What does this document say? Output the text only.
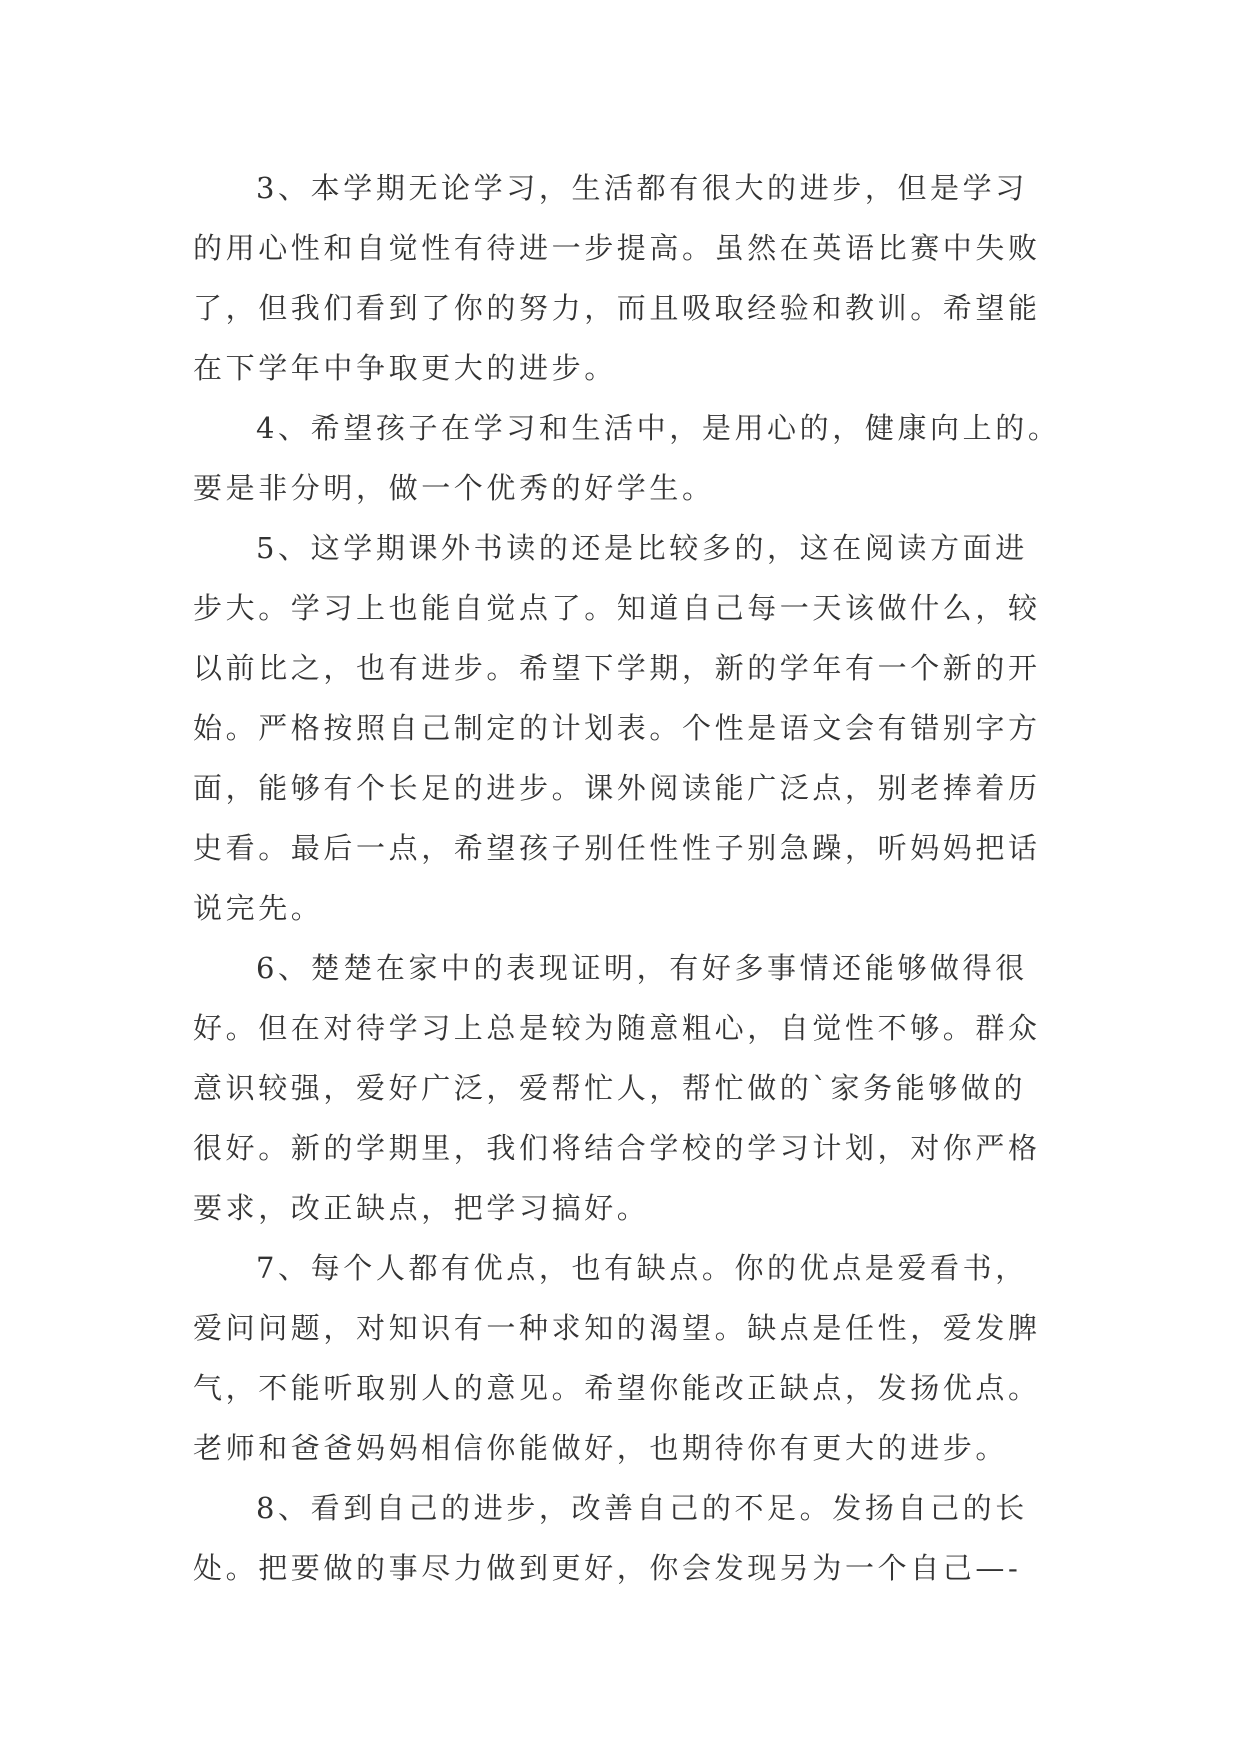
3、本学期无论学习，生活都有很大的进步，但是学习
的用心性和自觉性有待进一步提高。虽然在英语比赛中失败
了，但我们看到了你的努力，而且吸取经验和教训。希望能
在下学年中争取更大的进步。
4、希望孩子在学习和生活中，是用心的，健康向上的。
要是非分明，做一个优秀的好学生。
5、这学期课外书读的还是比较多的，这在阅读方面进
步大。学习上也能自觉点了。知道自己每一天该做什么，较
以前比之，也有进步。希望下学期，新的学年有一个新的开
始。严格按照自己制定的计划表。个性是语文会有错别字方
面，能够有个长足的进步。课外阅读能广泛点，别老捧着历
史看。最后一点，希望孩子别任性性子别急躁，听妈妈把话
说完先。
6、楚楚在家中的表现证明，有好多事情还能够做得很
好。但在对待学习上总是较为随意粗心，自觉性不够。群众
意识较强，爱好广泛，爱帮忙人，帮忙做的`家务能够做的
很好。新的学期里，我们将结合学校的学习计划，对你严格
要求，改正缺点，把学习搞好。
7、每个人都有优点，也有缺点。你的优点是爱看书，
爱问问题，对知识有一种求知的渴望。缺点是任性，爱发脾
气，不能听取别人的意见。希望你能改正缺点，发扬优点。
老师和爸爸妈妈相信你能做好，也期待你有更大的进步。
8、看到自己的进步，改善自己的不足。发扬自己的长
处。把要做的事尽力做到更好，你会发现另为一个自己—-
